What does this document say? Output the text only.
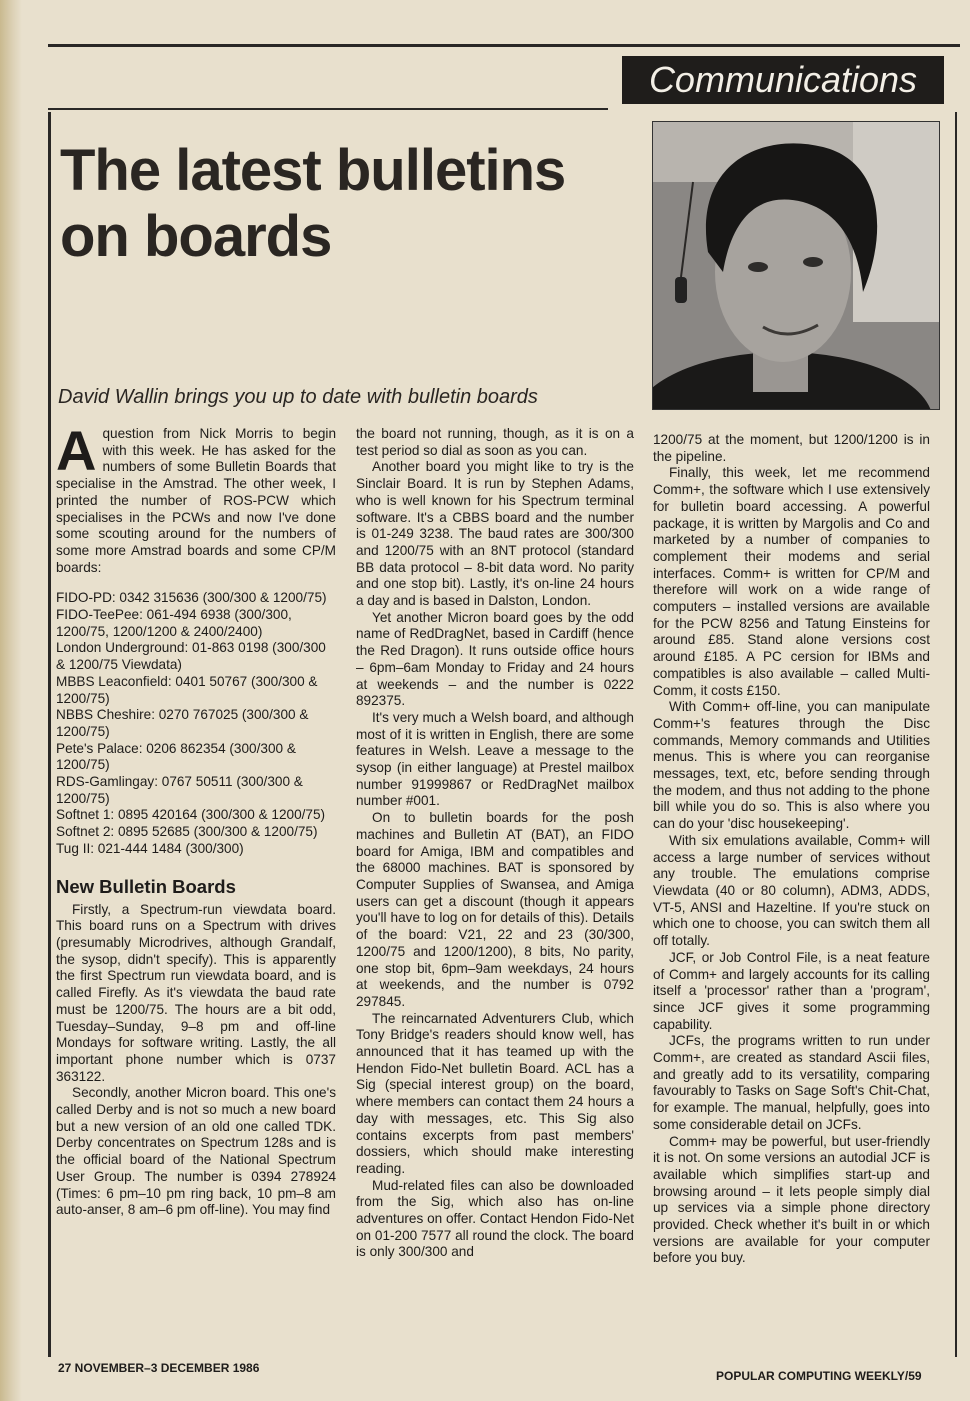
Communications
The latest bulletins
on boards

David Wallin brings you up to date with bulletin boards

Aquestion from Nick Morris to begin with this week. He has asked for the numbers of some Bulletin Boards that specialise in the Amstrad. The other week, I printed the number of ROS-PCW which specialises in the PCWs and now I've done some scouting around for the numbers of some more Amstrad boards and some CP/M boards:

FIDO-PD: 0342 315636 (300/300 & 1200/75)
FIDO-TeePee: 061-494 6938 (300/300, 1200/75, 1200/1200 & 2400/2400)
London Underground: 01-863 0198 (300/300 & 1200/75 Viewdata)
MBBS Leaconfield: 0401 50767 (300/300 & 1200/75)
NBBS Cheshire: 0270 767025 (300/300 & 1200/75)
Pete's Palace: 0206 862354 (300/300 & 1200/75)
RDS-Gamlingay: 0767 50511 (300/300 & 1200/75)
Softnet 1: 0895 420164 (300/300 & 1200/75)
Softnet 2: 0895 52685 (300/300 & 1200/75)
Tug II: 021-444 1484 (300/300)
New Bulletin Boards

Firstly, a Spectrum-run viewdata board. This board runs on a Spectrum with drives (presumably Microdrives, although Grandalf, the sysop, didn't specify). This is apparently the first Spectrum run viewdata board, and is called Firefly. As it's viewdata the baud rate must be 1200/75. The hours are a bit odd, Tuesday–Sunday, 9–8 pm and off-line Mondays for software writing. Lastly, the all important phone number which is 0737 363122.

Secondly, another Micron board. This one's called Derby and is not so much a new board but a new version of an old one called TDK. Derby concentrates on Spectrum 128s and is the official board of the National Spectrum User Group. The number is 0394 278924 (Times: 6 pm–10 pm ring back, 10 pm–8 am auto-anser, 8 am–6 pm off-line). You may find

the board not running, though, as it is on a test period so dial as soon as you can.

Another board you might like to try is the Sinclair Board. It is run by Stephen Adams, who is well known for his Spectrum terminal software. It's a CBBS board and the number is 01-249 3238. The baud rates are 300/300 and 1200/75 with an 8NT protocol (standard BB data protocol – 8-bit data word. No parity and one stop bit). Lastly, it's on-line 24 hours a day and is based in Dalston, London.

Yet another Micron board goes by the odd name of RedDragNet, based in Cardiff (hence the Red Dragon). It runs outside office hours – 6pm–6am Monday to Friday and 24 hours at weekends – and the number is 0222 892375.

It's very much a Welsh board, and although most of it is written in English, there are some features in Welsh. Leave a message to the sysop (in either language) at Prestel mailbox number 91999867 or RedDragNet mailbox number #001.

On to bulletin boards for the posh machines and Bulletin AT (BAT), an FIDO board for Amiga, IBM and compatibles and the 68000 machines. BAT is sponsored by Computer Supplies of Swansea, and Amiga users can get a discount (though it appears you'll have to log on for details of this). Details of the board: V21, 22 and 23 (30/300, 1200/75 and 1200/1200), 8 bits, No parity, one stop bit, 6pm–9am weekdays, 24 hours at weekends, and the number is 0792 297845.

The reincarnated Adventurers Club, which Tony Bridge's readers should know well, has announced that it has teamed up with the Hendon Fido-Net bulletin Board. ACL has a Sig (special interest group) on the board, where members can contact them 24 hours a day with messages, etc. This Sig also contains excerpts from past members' dossiers, which should make interesting reading.

Mud-related files can also be downloaded from the Sig, which also has on-line adventures on offer. Contact Hendon Fido-Net on 01-200 7577 all round the clock. The board is only 300/300 and

1200/75 at the moment, but 1200/1200 is in the pipeline.

Finally, this week, let me recommend Comm+, the software which I use extensively for bulletin board accessing. A powerful package, it is written by Margolis and Co and marketed by a number of companies to complement their modems and serial interfaces. Comm+ is written for CP/M and therefore will work on a wide range of computers – installed versions are available for the PCW 8256 and Tatung Einsteins for around £85. Stand alone versions cost around £185. A PC cersion for IBMs and compatibles is also available – called Multi-Comm, it costs £150.

With Comm+ off-line, you can manipulate Comm+'s features through the Disc commands, Memory commands and Utilities menus. This is where you can reorganise messages, text, etc, before sending through the modem, and thus not adding to the phone bill while you do so. This is also where you can do your 'disc housekeeping'.

With six emulations available, Comm+ will access a large number of services without any trouble. The emulations comprise Viewdata (40 or 80 column), ADM3, ADDS, VT-5, ANSI and Hazeltine. If you're stuck on which one to choose, you can switch them all off totally.

JCF, or Job Control File, is a neat feature of Comm+ and largely accounts for its calling itself a 'processor' rather than a 'program', since JCF gives it some programming capability.

JCFs, the programs written to run under Comm+, are created as standard Ascii files, and greatly add to its versatility, comparing favourably to Tasks on Sage Soft's Chit-Chat, for example. The manual, helpfully, goes into some considerable detail on JCFs.

Comm+ may be powerful, but user-friendly it is not. On some versions an autodial JCF is available which simplifies start-up and browsing around – it lets people simply dial up services via a simple phone directory provided. Check whether it's built in or which versions are available for your computer before you buy.

27 NOVEMBER–3 DECEMBER 1986
POPULAR COMPUTING WEEKLY/59
